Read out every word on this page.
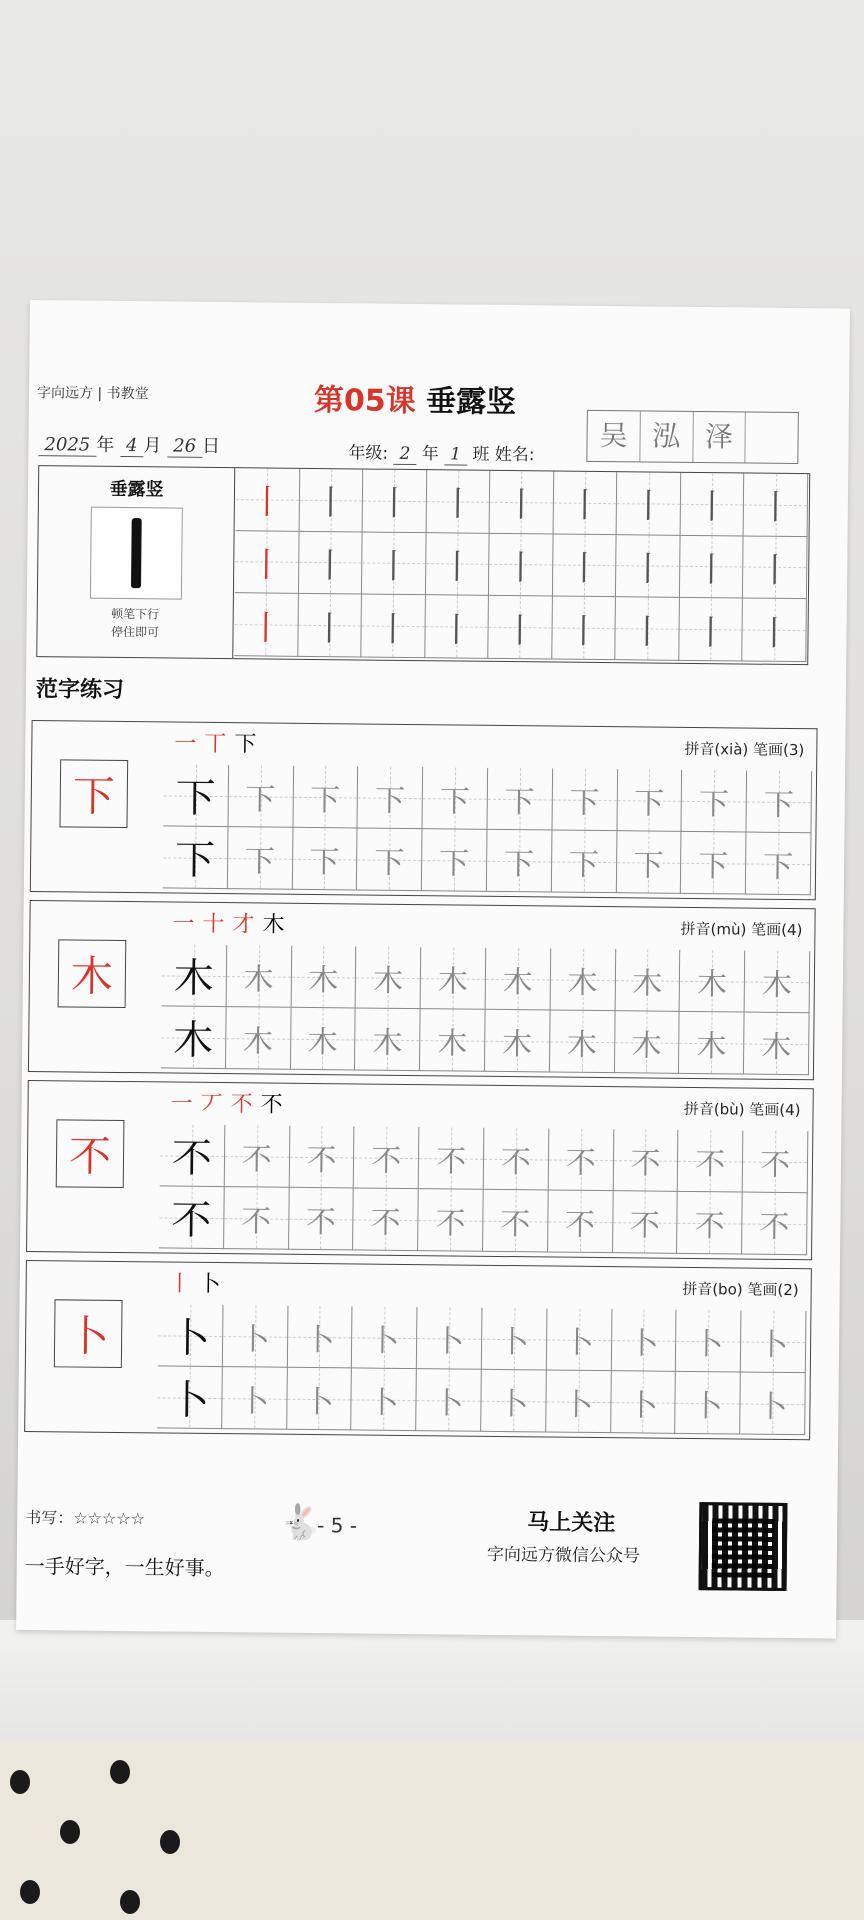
字向远方 | 书教堂	第05课 垂露竖
2025 年 4 月 26 日	年级: 2 年 1 班 姓名:
吴 泓 泽
垂露竖
顿笔下行
停住即可
丨 丨 丨 丨 丨 丨 丨 丨 丨
丨 丨 丨 丨 丨 丨 丨 丨 丨
丨 丨 丨 丨 丨 丨 丨 丨 丨
范字练习
下
一 丅 下	拼音(xià) 笔画(3)
下 下 下 下 下 下 下 下 下 下
下 下 下 下 下 下 下 下 下 下
木
一 十 才 木	拼音(mù) 笔画(4)
木 木 木 木 木 木 木 木 木 木
木 木 木 木 木 木 木 木 木 木
不
一 丆 不 不	拼音(bù) 笔画(4)
不 不 不 不 不 不 不 不 不 不
不 不 不 不 不 不 不 不 不 不
卜
丨 卜	拼音(bo) 笔画(2)
卜 卜 卜 卜 卜 卜 卜 卜 卜 卜
卜 卜 卜 卜 卜 卜 卜 卜 卜 卜
书写：☆☆☆☆☆
一手好字，一生好事。
🐇
- 5 -	马上关注
字向远方微信公众号
